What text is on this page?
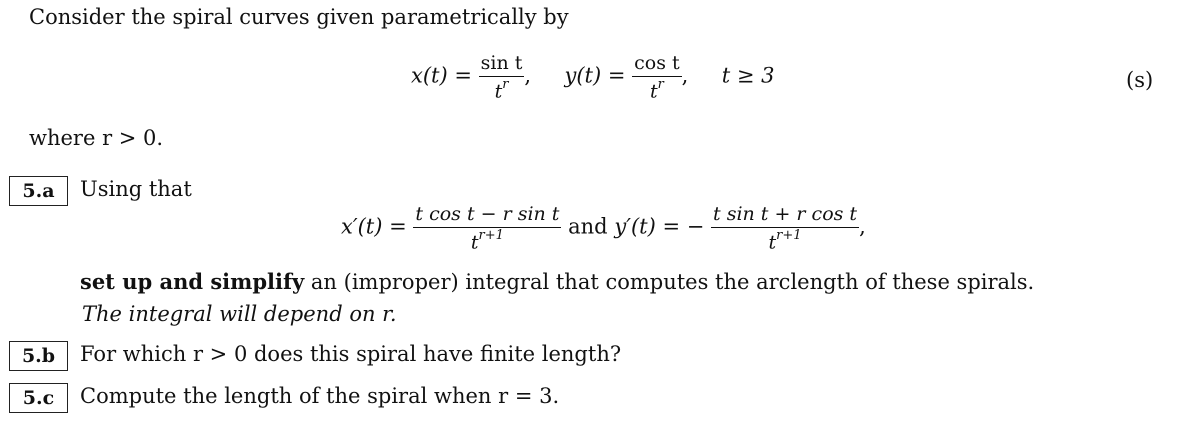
Consider the spiral curves given parametrically by
$x(t) = \frac{\text{sin t}}{t^r}$ , $y(t) = \frac{\text{cos t}}{t^r}$ , t ≥ 3	(s)
where r > 0.
5.a	Using that
$x'(t) = \frac{\text{t cos t − r sin t}}{t^{r+1}}$ and y′(t) = − $\frac{\text{t sin t + r cos t}}{t^{r+1}}$ ,
set up and simplify an (improper) integral that computes the arclength of these spirals.
The integral will depend on r.
5.b	For which r > 0 does this spiral have finite length?
5.c	Compute the length of the spiral when r = 3.
